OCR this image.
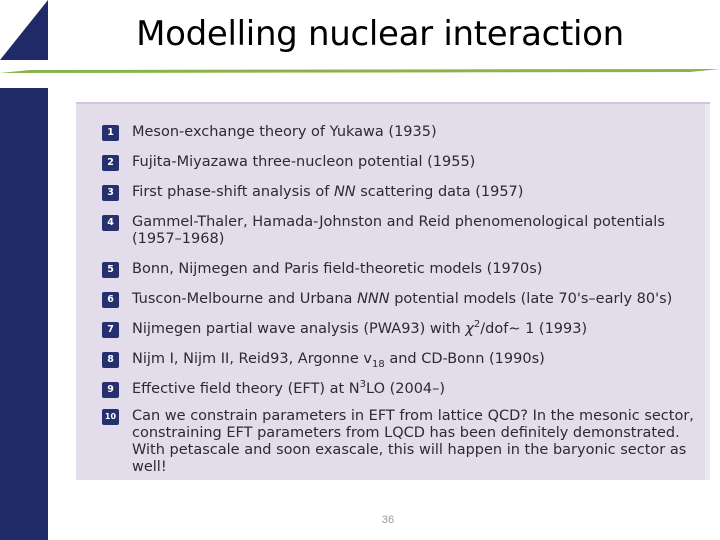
Modelling nuclear interaction
1	Meson-exchange theory of Yukawa (1935)
2	Fujita-Miyazawa three-nucleon potential (1955)
3	First phase-shift analysis of NN scattering data (1957)
4	Gammel-Thaler, Hamada-Johnston and Reid phenomenological potentials
(1957–1968)
5	Bonn, Nijmegen and Paris field-theoretic models (1970s)
6	Tuscon-Melbourne and Urbana NNN potential models (late 70's–early 80's)
7	Nijmegen partial wave analysis (PWA93) with $\chi^2/dof\sim$ 1 (1993)
8	Nijm I, Nijm II, Reid93, Argonne $v_{18}$ and CD-Bonn (1990s)
9	Effective field theory (EFT) at $N^3LO$ (2004–)
10 Can we constrain parameters in EFT from lattice QCD? In the mesonic sector,
constraining EFT parameters from LQCD has been definitely demonstrated.
With petascale and soon exascale, this will happen in the baryonic sector as well!
36
